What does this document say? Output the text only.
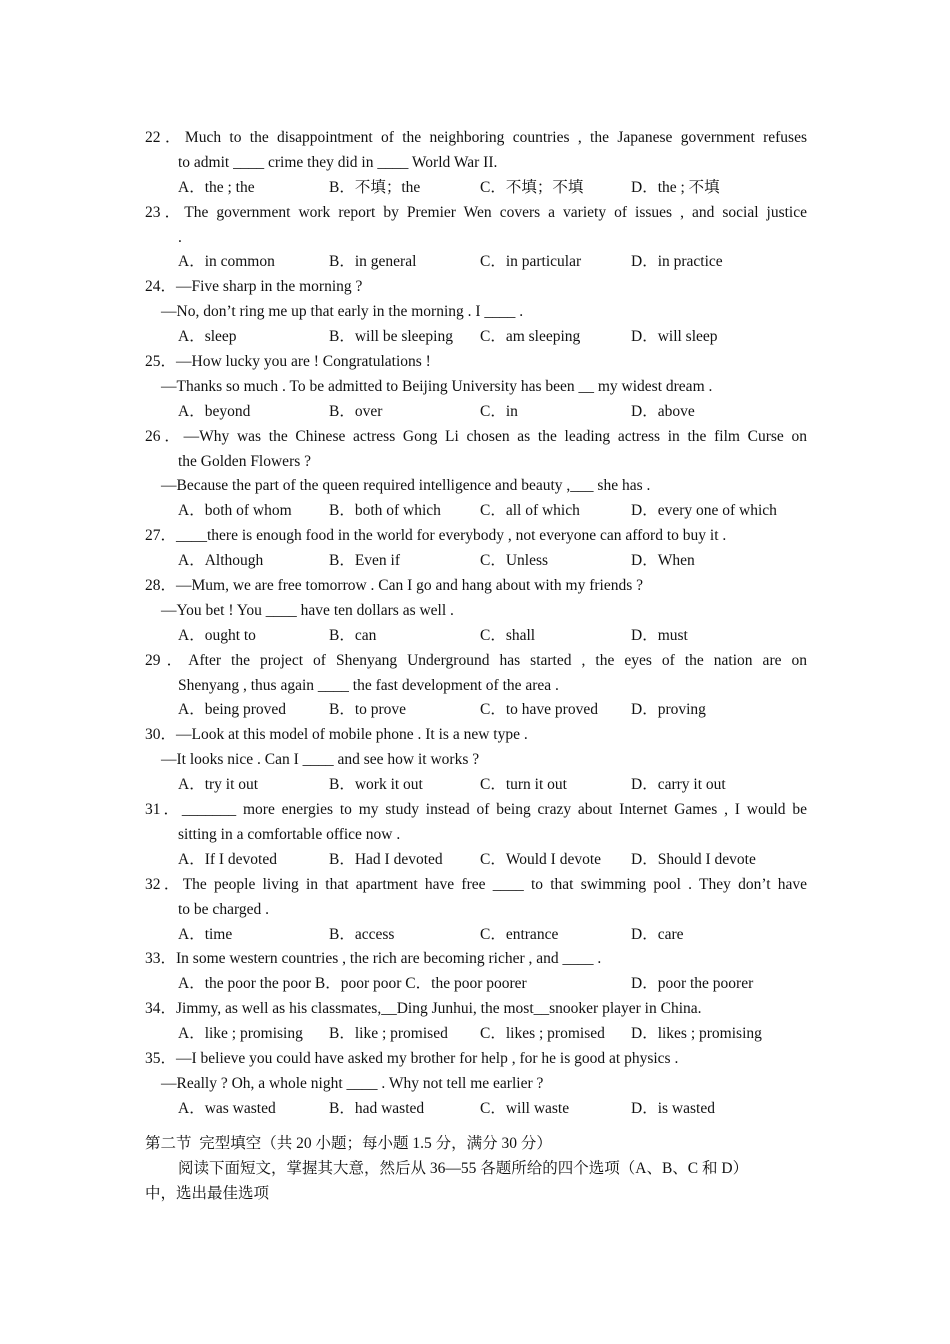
22．Much to the disappointment of the neighboring countries , the Japanese government refuses
to admit ____ crime they did in ____ World War II.
A．the ; the	B．不填；the	C．不填；不填	D．the ; 不填
23．The government work report by Premier Wen covers a variety of issues , and social justice
.
A．in common	B．in general	C．in particular	D．in practice
24．—Five sharp in the morning ?
—No, don’t ring me up that early in the morning . I ____ .
A．sleep	B．will be sleeping	C．am sleeping	D．will sleep
25．—How lucky you are ! Congratulations !
—Thanks so much . To be admitted to Beijing University has been __ my widest dream .
A．beyond	B．over	C．in	D．above
26．—Why was the Chinese actress Gong Li chosen as the leading actress in the film Curse on
the Golden Flowers ?
—Because the part of the queen required intelligence and beauty ,___ she has .
A．both of whom	B．both of which	C．all of which	D．every one of which
27．____there is enough food in the world for everybody , not everyone can afford to buy it .
A．Although	B．Even if	C．Unless	D．When
28．—Mum, we are free tomorrow . Can I go and hang about with my friends ?
—You bet ! You ____ have ten dollars as well .
A．ought to	B．can	C．shall	D．must
29．After the project of Shenyang Underground has started , the eyes of the nation are on
Shenyang , thus again ____ the fast development of the area .
A．being proved	B．to prove	C．to have proved	D．proving
30．—Look at this model of mobile phone . It is a new type .
—It looks nice . Can I ____ and see how it works ?
A．try it out	B．work it out	C．turn it out	D．carry it out
31．_______ more energies to my study instead of being crazy about Internet Games , I would be
sitting in a comfortable office now .
A．If I devoted	B．Had I devoted	C．Would I devote	D．Should I devote
32．The people living in that apartment have free ____ to that swimming pool . They don’t have
to be charged .
A．time	B．access	C．entrance	D．care
33．In some western countries , the rich are becoming richer , and ____ .
A．the poor the poor B．poor poor C．the poor poorer	D．poor the poorer
34．Jimmy, as well as his classmates,__Ding Junhui, the most__snooker player in China.
A．like ; promising	B．like ; promised	C．likes ; promised	D．likes ; promising
35．—I believe you could have asked my brother for help , for he is good at physics .
—Really ? Oh, a whole night ____ . Why not tell me earlier ?
A．was wasted	B．had wasted	C．will waste	D．is wasted
第二节  完型填空（共 20 小题；每小题 1.5 分，满分 30 分）
阅读下面短文，掌握其大意，然后从 36—55 各题所给的四个选项（A、B、C 和 D）
中，选出最佳选项
